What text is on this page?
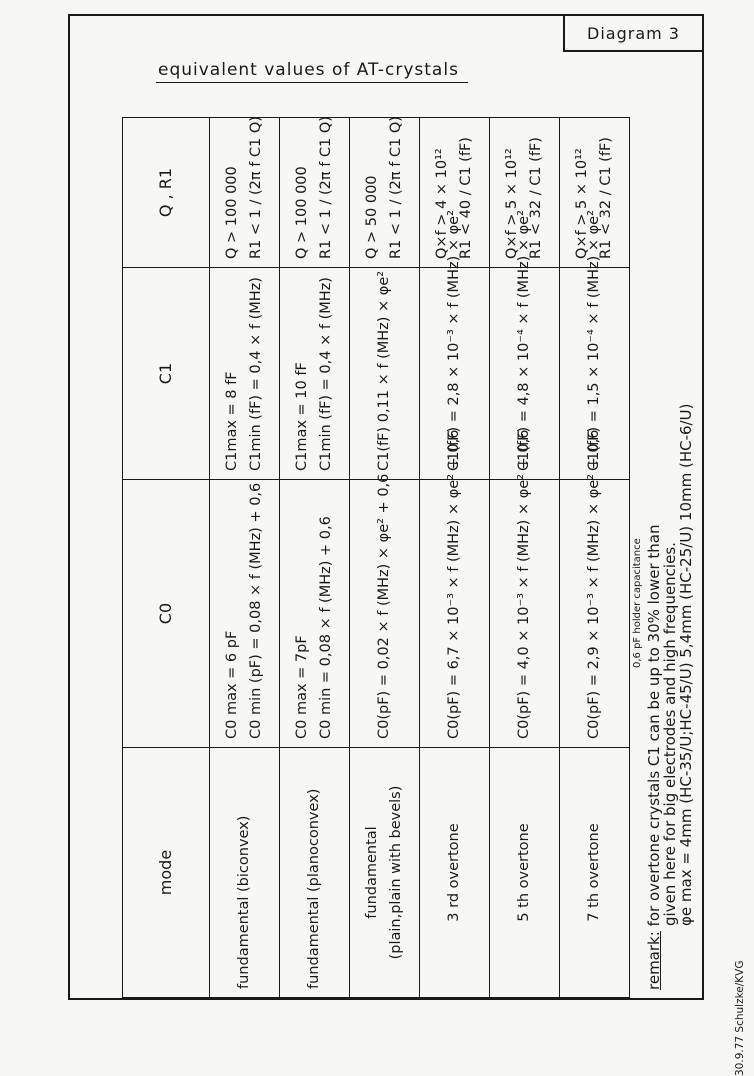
Diagram 3
equivalent values of AT-crystals
mode	C0	C1	Q , R1

fundamental (biconvex)	C0 max = 6 pF C0 min (pF) = 0,08 × f (MHz) + 0,6	C1max = 8 fF C1min (fF) = 0,4 × f (MHz)	Q > 100 000 R1 < 1 / (2π f C1 Q)

fundamental (planoconvex)	C0 max = 7pF C0 min = 0,08 × f (MHz) + 0,6	C1max = 10 fF C1min (fF) = 0,4 × f (MHz)	Q > 100 000 R1 < 1 / (2π f C1 Q)

fundamental (plain,plain with bevels)	C0(pF) = 0,02 × f (MHz) × φe² + 0,6	C1(fF) 0,11 × f (MHz) × φe²	Q > 50 000 R1 < 1 / (2π f C1 Q)

3 rd overtone	C0(pF) = 6,7 × 10⁻³ × f (MHz) × φe² + 0,6	C1(fF) = 2,8 × 10⁻³ × f (MHz) × φe²	Q×f > 4 × 10¹² R1 < 40 / C1 (fF)

5 th overtone	C0(pF) = 4,0 × 10⁻³ × f (MHz) × φe² + 0,6	C1(fF) = 4,8 × 10⁻⁴ × f (MHz) × φe²	Q×f > 5 × 10¹² R1 < 32 / C1 (fF)

7 th overtone	C0(pF) = 2,9 × 10⁻³ × f (MHz) × φe² + 0,6	C1(fF) = 1,5 × 10⁻⁴ × f (MHz) × φe²	Q×f > 5 × 10¹² R1 < 32 / C1 (fF)
0,6 pF holder capacitance
remark: for overtone crystals C1 can be up to 30% lower than
given here for big electrodes and high frequencies.
φe max = 4mm (HC-35/U;HC-45/U) 5,4mm (HC-25/U) 10mm (HC-6/U)
30.9.77 Schulzke/KVG
